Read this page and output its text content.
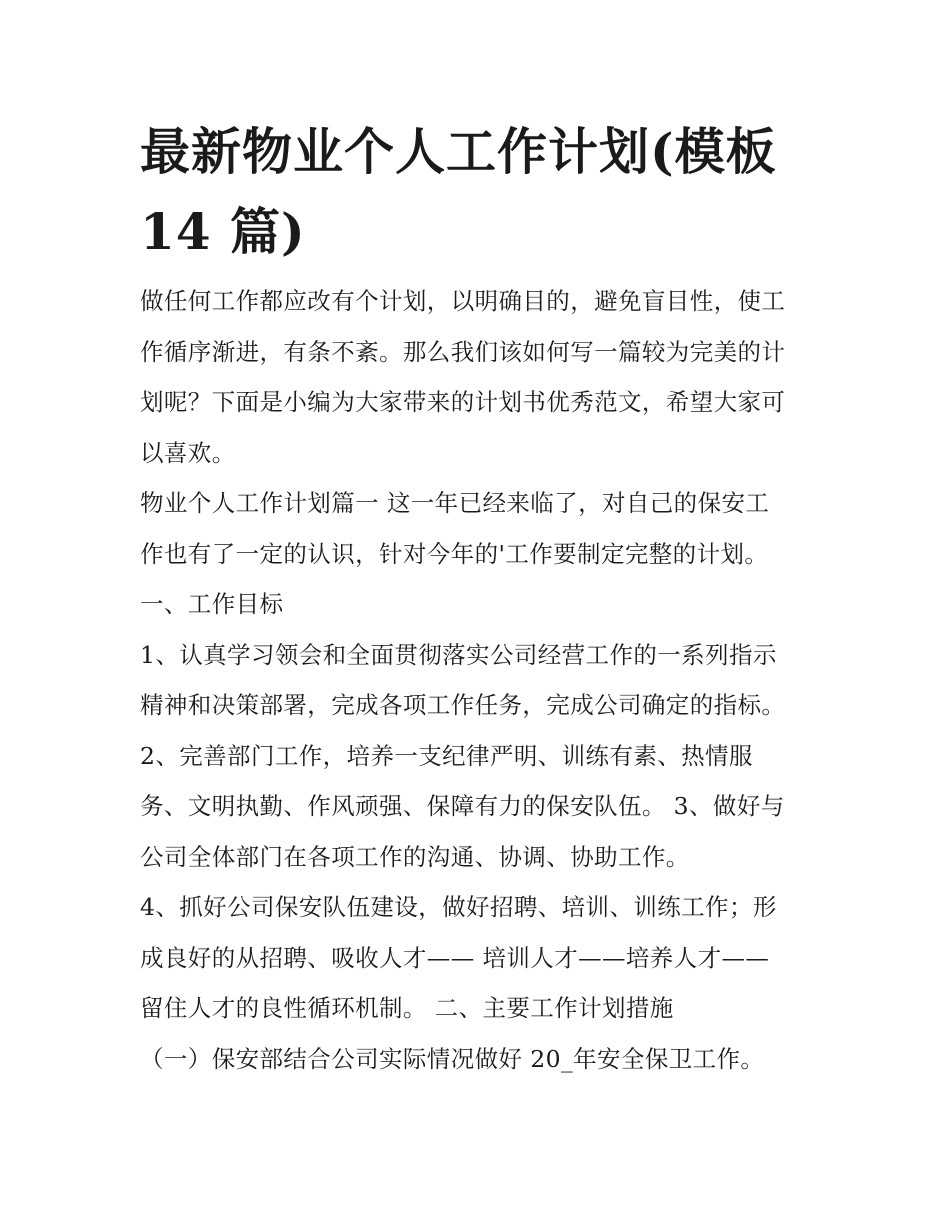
最新物业个人工作计划(模板
14 篇)

做任何工作都应改有个计划，以明确目的，避免盲目性，使工

作循序渐进，有条不紊。那么我们该如何写一篇较为完美的计

划呢？下面是小编为大家带来的计划书优秀范文，希望大家可

以喜欢。

物业个人工作计划篇一 这一年已经来临了，对自己的保安工

作也有了一定的认识，针对今年的'工作要制定完整的计划。

一、工作目标

1、认真学习领会和全面贯彻落实公司经营工作的一系列指示

精神和决策部署，完成各项工作任务，完成公司确定的指标。

2、完善部门工作，培养一支纪律严明、训练有素、热情服

务、文明执勤、作风顽强、保障有力的保安队伍。 3、做好与

公司全体部门在各项工作的沟通、协调、协助工作。

4、抓好公司保安队伍建设，做好招聘、培训、训练工作；形

成良好的从招聘、吸收人才—— 培训人才——培养人才——

留住人才的良性循环机制。 二、主要工作计划措施

（一）保安部结合公司实际情况做好 20_年安全保卫工作。
